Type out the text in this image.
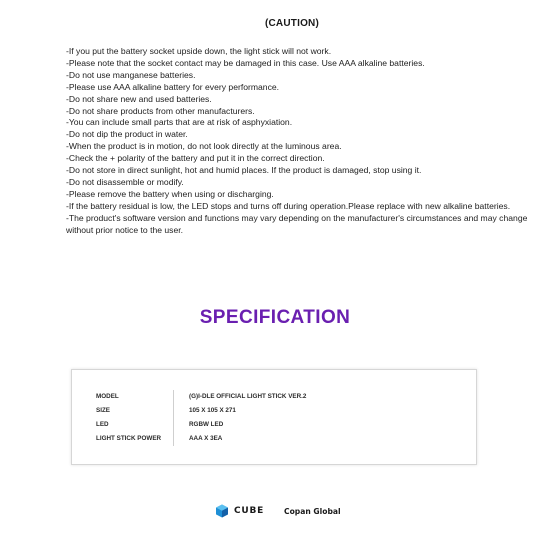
(CAUTION)
-If you put the battery socket upside down, the light stick will not work.
-Please note that the socket contact may be damaged in this case. Use AAA alkaline batteries.
-Do not use manganese batteries.
-Please use AAA alkaline battery for every performance.
-Do not share new and used batteries.
-Do not share products from other manufacturers.
-You can include small parts that are at risk of asphyxiation.
-Do not dip the product in water.
-When the product is in motion, do not look directly at the luminous area.
-Check the + polarity of the battery and put it in the correct direction.
-Do not store in direct sunlight, hot and humid places. If the product is damaged, stop using it.
-Do not disassemble or modify.
-Please remove the battery when using or discharging.
-If the battery residual is low, the LED stops and turns off during operation.Please replace with new alkaline batteries.
-The product's software version and functions may vary depending on the manufacturer's circumstances and may change without prior notice to the user.
SPECIFICATION
MODEL	(G)I-DLE OFFICIAL LIGHT STICK VER.2
SIZE	105 X 105 X 271
LED	RGBW LED
LIGHT STICK POWER	AAA X 3EA
CUBE	Copan Global
